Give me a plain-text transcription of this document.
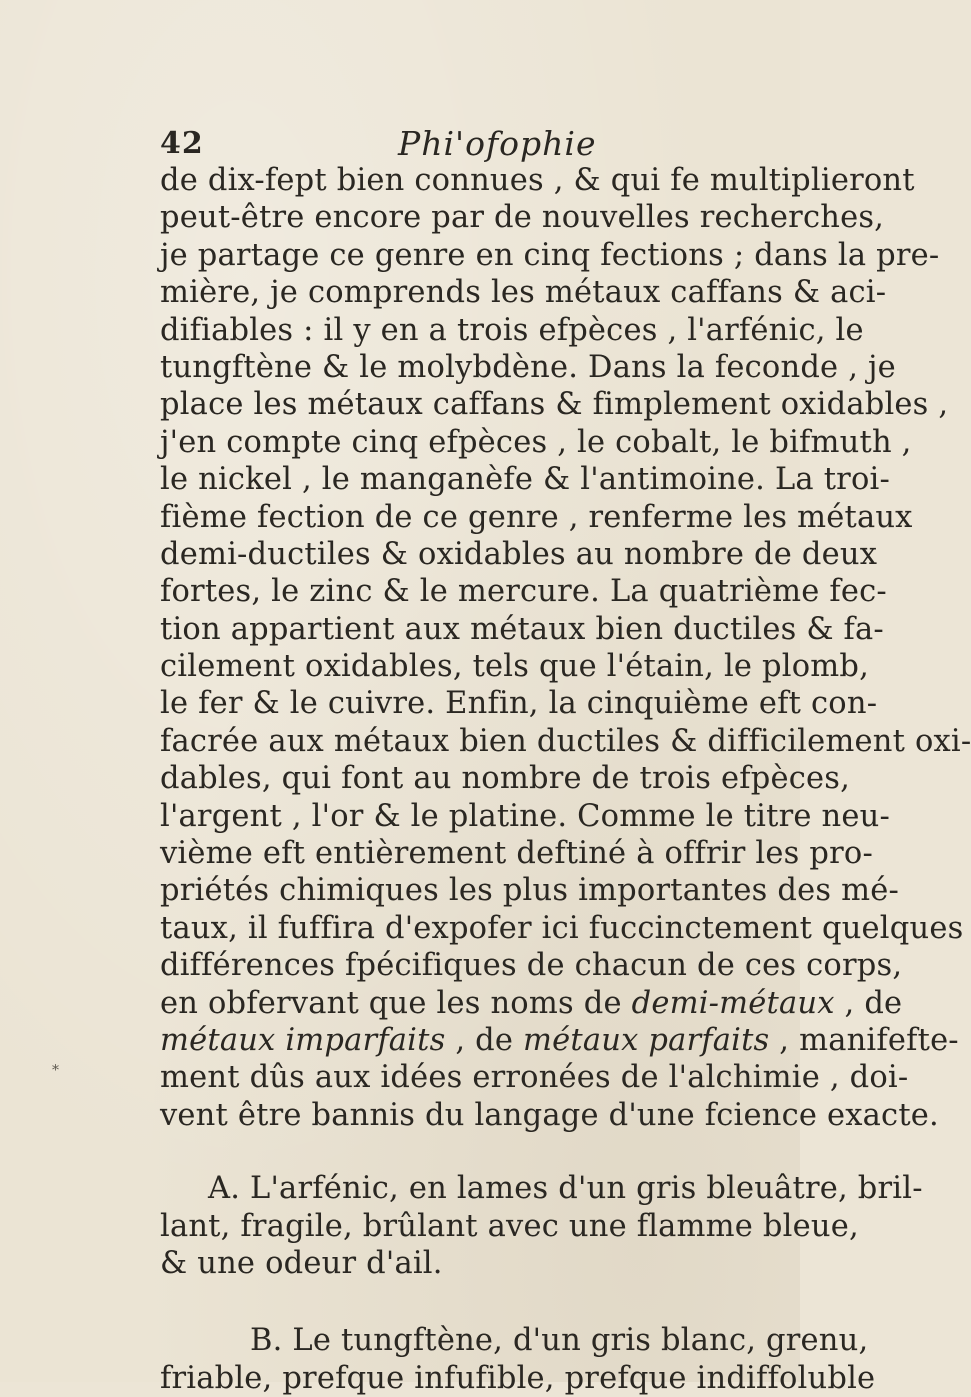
42	Phi'ofophie
de dix-fept bien connues , & qui fe multiplieront
peut-être encore par de nouvelles recherches,
je partage ce genre en cinq fections ; dans la pre-
mière, je comprends les métaux caffans & aci-
difiables : il y en a trois efpèces , l'arfénic, le
tungftène & le molybdène. Dans la feconde , je
place les métaux caffans & fimplement oxidables ,
j'en compte cinq efpèces , le cobalt, le bifmuth ,
le nickel , le manganèfe & l'antimoine. La troi-
fième fection de ce genre , renferme les métaux
demi-ductiles & oxidables au nombre de deux
fortes, le zinc & le mercure. La quatrième fec-
tion appartient aux métaux bien ductiles & fa-
cilement oxidables, tels que l'étain, le plomb,
le fer & le cuivre. Enfin, la cinquième eft con-
facrée aux métaux bien ductiles & difficilement oxi-
dables, qui font au nombre de trois efpèces,
l'argent , l'or & le platine. Comme le titre neu-
vième eft entièrement deftiné à offrir les pro-
priétés chimiques les plus importantes des mé-
taux, il fuffira d'expofer ici fuccinctement quelques
différences fpécifiques de chacun de ces corps,
en obfervant que les noms de demi-métaux , de
métaux imparfaits , de métaux parfaits , manifefte-
ment dûs aux idées erronées de l'alchimie , doi-
vent être bannis du langage d'une fcience exacte.
A. L'arfénic, en lames d'un gris bleuâtre, bril-
lant, fragile, brûlant avec une flamme bleue,
& une odeur d'ail.
B. Le tungftène, d'un gris blanc, grenu,
friable, prefque infufible, prefque indiffoluble
⁎
